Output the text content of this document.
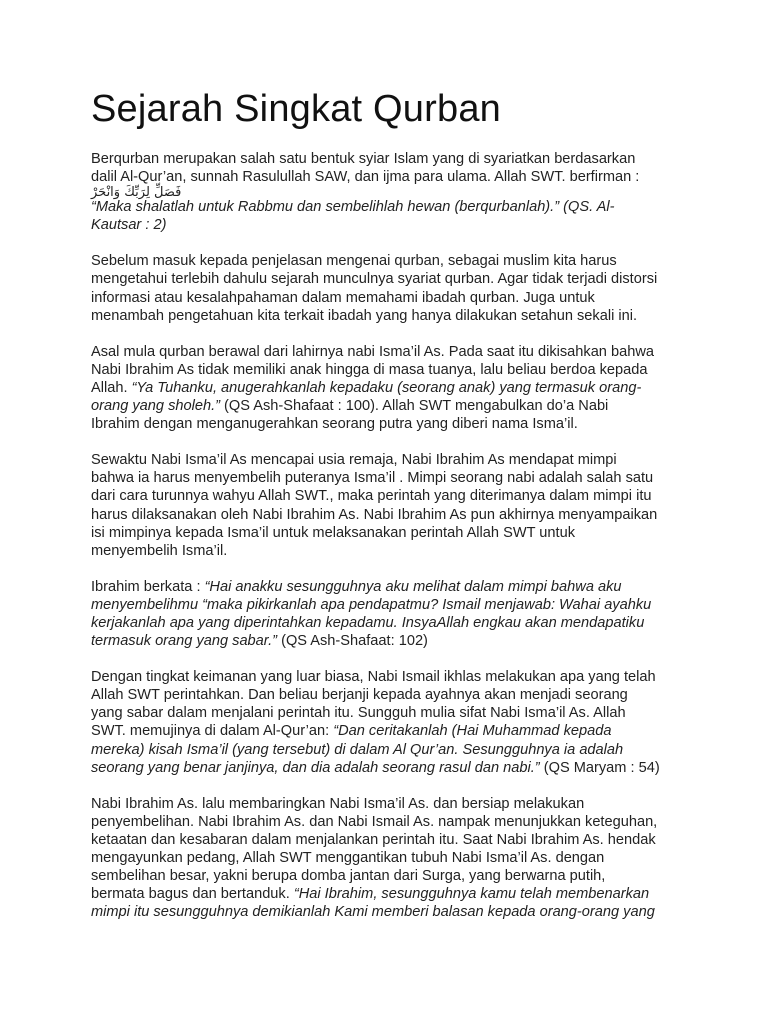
Sejarah Singkat Qurban
Berqurban merupakan salah satu bentuk syiar Islam yang di syariatkan berdasarkan
dalil Al-Qur’an, sunnah Rasulullah SAW, dan ijma para ulama. Allah SWT. berfirman :
فَصَلِّ لِرَبِّكَ وَانْحَرْ
“Maka shalatlah untuk Rabbmu dan sembelihlah hewan (berqurbanlah).” (QS. Al-
Kautsar : 2)
Sebelum masuk kepada penjelasan mengenai qurban, sebagai muslim kita harus
mengetahui terlebih dahulu sejarah munculnya syariat qurban. Agar tidak terjadi distorsi
informasi atau kesalahpahaman dalam memahami ibadah qurban. Juga untuk
menambah pengetahuan kita terkait ibadah yang hanya dilakukan setahun sekali ini.
Asal mula qurban berawal dari lahirnya nabi Isma’il As. Pada saat itu dikisahkan bahwa
Nabi Ibrahim As tidak memiliki anak hingga di masa tuanya, lalu beliau berdoa kepada
Allah. “Ya Tuhanku, anugerahkanlah kepadaku (seorang anak) yang termasuk orang-
orang yang sholeh.” (QS Ash-Shafaat : 100). Allah SWT mengabulkan do’a Nabi
Ibrahim dengan menganugerahkan seorang putra yang diberi nama Isma’il.
Sewaktu Nabi Isma’il As mencapai usia remaja, Nabi Ibrahim As mendapat mimpi
bahwa ia harus menyembelih puteranya Isma’il . Mimpi seorang nabi adalah salah satu
dari cara turunnya wahyu Allah SWT., maka perintah yang diterimanya dalam mimpi itu
harus dilaksanakan oleh Nabi Ibrahim As. Nabi Ibrahim As pun akhirnya menyampaikan
isi mimpinya kepada Isma’il untuk melaksanakan perintah Allah SWT untuk
menyembelih Isma’il.
Ibrahim berkata : “Hai anakku sesungguhnya aku melihat dalam mimpi bahwa aku
menyembelihmu “maka pikirkanlah apa pendapatmu? Ismail menjawab: Wahai ayahku
kerjakanlah apa yang diperintahkan kepadamu. InsyaAllah engkau akan mendapatiku
termasuk orang yang sabar.” (QS Ash-Shafaat: 102)
Dengan tingkat keimanan yang luar biasa, Nabi Ismail ikhlas melakukan apa yang telah
Allah SWT perintahkan. Dan beliau berjanji kepada ayahnya akan menjadi seorang
yang sabar dalam menjalani perintah itu. Sungguh mulia sifat Nabi Isma’il As. Allah
SWT. memujinya di dalam Al-Qur’an: “Dan ceritakanlah (Hai Muhammad kepada
mereka) kisah Isma’il (yang tersebut) di dalam Al Qur’an. Sesungguhnya ia adalah
seorang yang benar janjinya, dan dia adalah seorang rasul dan nabi.” (QS Maryam : 54)
Nabi Ibrahim As. lalu membaringkan Nabi Isma’il As. dan bersiap melakukan
penyembelihan. Nabi Ibrahim As. dan Nabi Ismail As. nampak menunjukkan keteguhan,
ketaatan dan kesabaran dalam menjalankan perintah itu. Saat Nabi Ibrahim As. hendak
mengayunkan pedang, Allah SWT menggantikan tubuh Nabi Isma’il As. dengan
sembelihan besar, yakni berupa domba jantan dari Surga, yang berwarna putih,
bermata bagus dan bertanduk. “Hai Ibrahim, sesungguhnya kamu telah membenarkan
mimpi itu sesungguhnya demikianlah Kami memberi balasan kepada orang-orang yang
